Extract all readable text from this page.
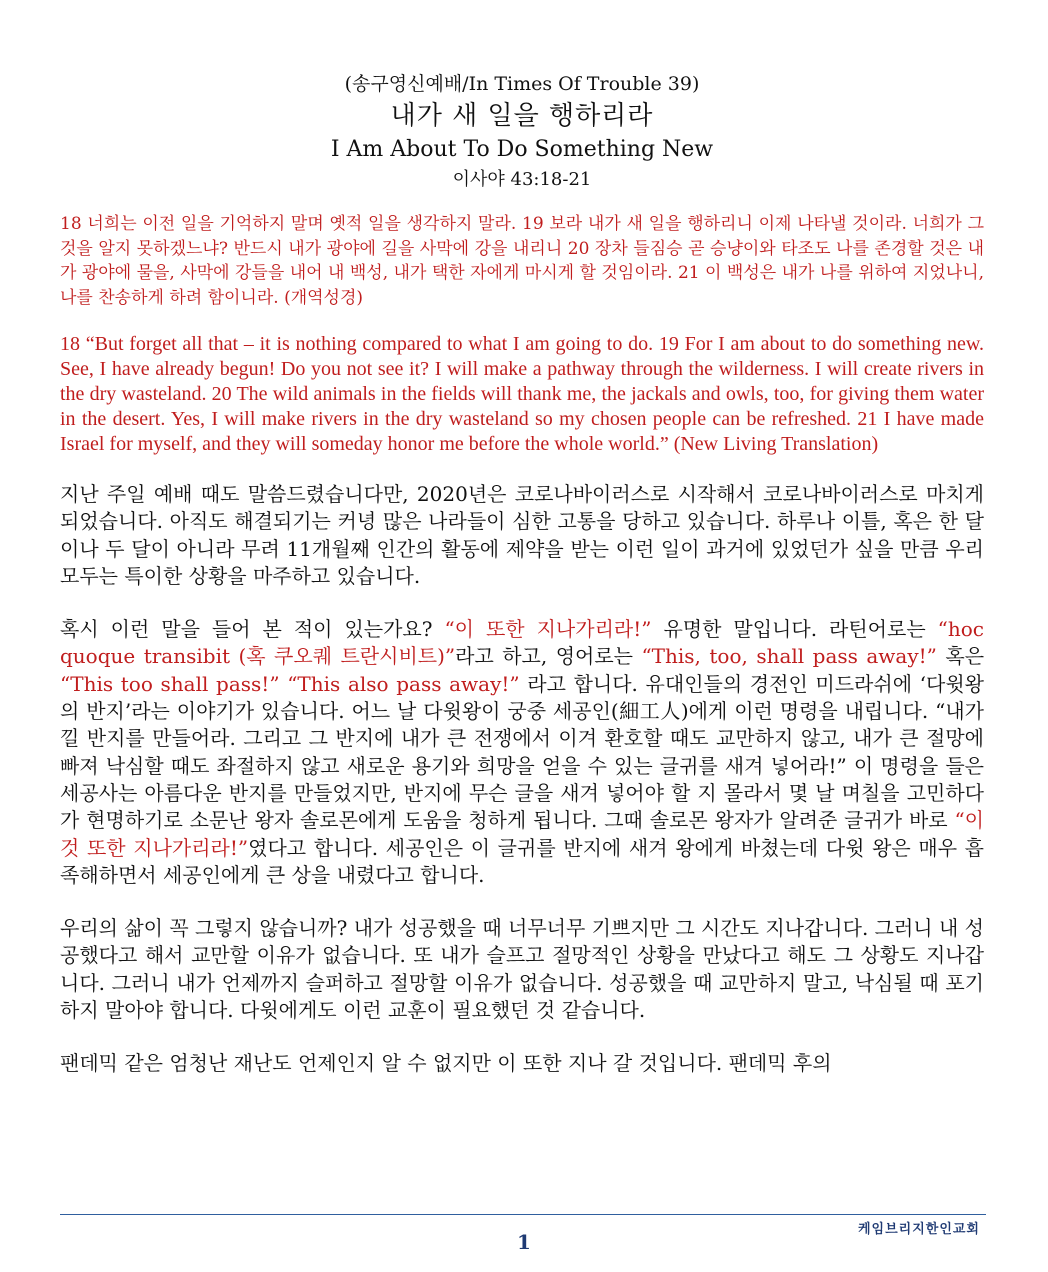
(송구영신예배/In Times Of Trouble 39)
내가 새 일을 행하리라
I Am About To Do Something New
이사야 43:18-21

18 너희는 이전 일을 기억하지 말며 옛적 일을 생각하지 말라. 19 보라 내가 새 일을 행하리니 이제 나타낼 것이라. 너희가 그것을 알지 못하겠느냐? 반드시 내가 광야에 길을 사막에 강을 내리니 20 장차 들짐승 곧 승냥이와 타조도 나를 존경할 것은 내가 광야에 물을, 사막에 강들을 내어 내 백성, 내가 택한 자에게 마시게 할 것임이라. 21 이 백성은 내가 나를 위하여 지었나니, 나를 찬송하게 하려 함이니라. (개역성경)

18 “But forget all that – it is nothing compared to what I am going to do. 19 For I am about to do something new. See, I have already begun! Do you not see it? I will make a pathway through the wilderness. I will create rivers in the dry wasteland. 20 The wild animals in the fields will thank me, the jackals and owls, too, for giving them water in the desert. Yes, I will make rivers in the dry wasteland so my chosen people can be refreshed. 21 I have made Israel for myself, and they will someday honor me before the whole world.” (New Living Translation)

지난 주일 예배 때도 말씀드렸습니다만, 2020년은 코로나바이러스로 시작해서 코로나바이러스로 마치게 되었습니다. 아직도 해결되기는 커녕 많은 나라들이 심한 고통을 당하고 있습니다. 하루나 이틀, 혹은 한 달이나 두 달이 아니라 무려 11개월째 인간의 활동에 제약을 받는 이런 일이 과거에 있었던가 싶을 만큼 우리 모두는 특이한 상황을 마주하고 있습니다.

혹시 이런 말을 들어 본 적이 있는가요? “이 또한 지나가리라!” 유명한 말입니다. 라틴어로는 “hoc quoque transibit (혹 쿠오퀘 트란시비트)”라고 하고, 영어로는 “This, too, shall pass away!” 혹은 “This too shall pass!” “This also pass away!” 라고 합니다. 유대인들의 경전인 미드라쉬에 ‘다윗왕의 반지’라는 이야기가 있습니다. 어느 날 다윗왕이 궁중 세공인(細工人)에게 이런 명령을 내립니다. “내가 낄 반지를 만들어라. 그리고 그 반지에 내가 큰 전쟁에서 이겨 환호할 때도 교만하지 않고, 내가 큰 절망에 빠져 낙심할 때도 좌절하지 않고 새로운 용기와 희망을 얻을 수 있는 글귀를 새겨 넣어라!” 이 명령을 들은 세공사는 아름다운 반지를 만들었지만, 반지에 무슨 글을 새겨 넣어야 할 지 몰라서 몇 날 며칠을 고민하다가 현명하기로 소문난 왕자 솔로몬에게 도움을 청하게 됩니다. 그때 솔로몬 왕자가 알려준 글귀가 바로 “이것 또한 지나가리라!”였다고 합니다. 세공인은 이 글귀를 반지에 새겨 왕에게 바쳤는데 다윗 왕은 매우 흡족해하면서 세공인에게 큰 상을 내렸다고 합니다.

우리의 삶이 꼭 그렇지 않습니까? 내가 성공했을 때 너무너무 기쁘지만 그 시간도 지나갑니다. 그러니 내 성공했다고 해서 교만할 이유가 없습니다. 또 내가 슬프고 절망적인 상황을 만났다고 해도 그 상황도 지나갑니다. 그러니 내가 언제까지 슬퍼하고 절망할 이유가 없습니다. 성공했을 때 교만하지 말고, 낙심될 때 포기하지 말아야 합니다. 다윗에게도 이런 교훈이 필요했던 것 같습니다.

팬데믹 같은 엄청난 재난도 언제인지 알 수 없지만 이 또한 지나 갈 것입니다. 팬데믹 후의

케임브리지한인교회
1
